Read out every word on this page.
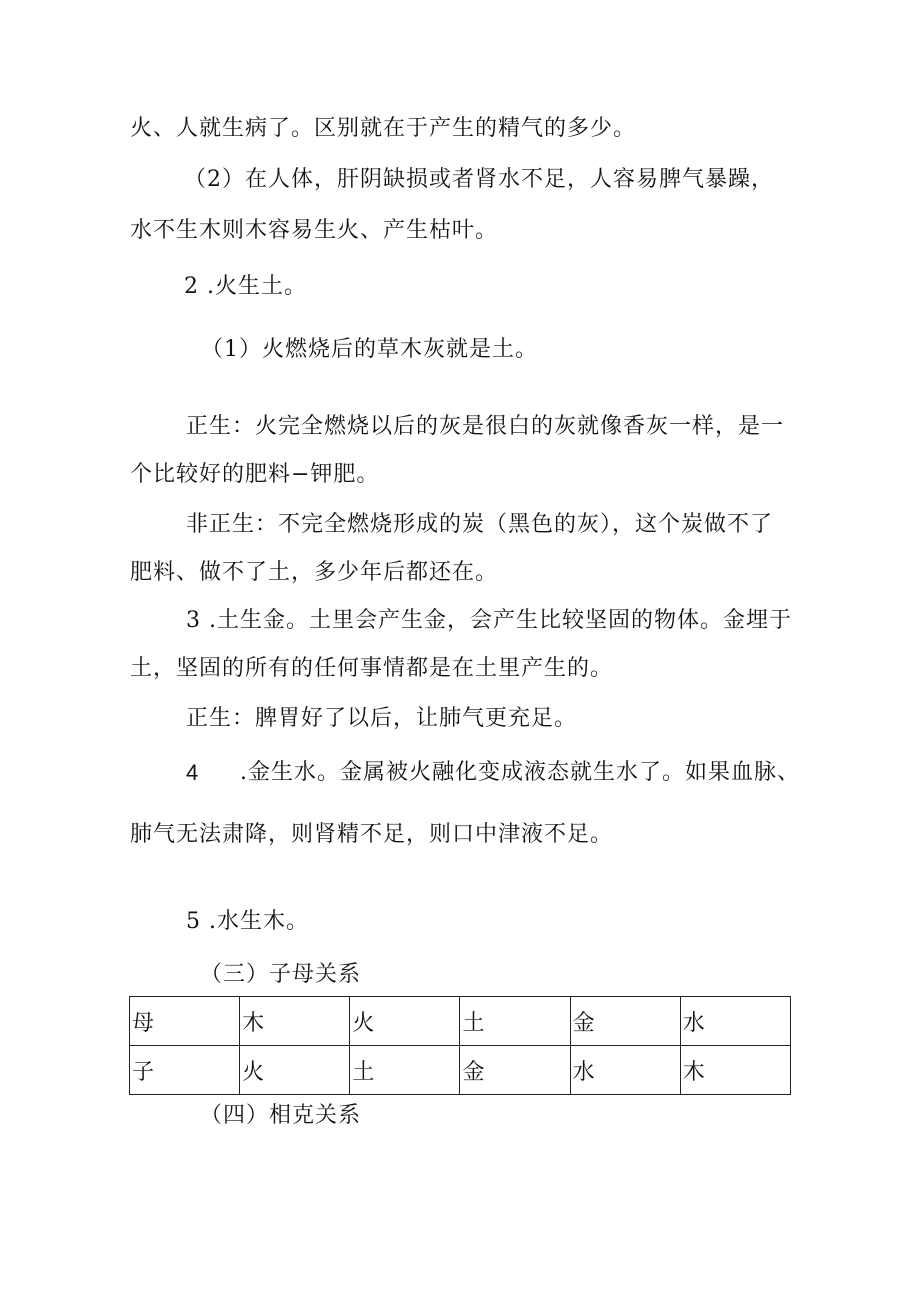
火、人就生病了。区别就在于产生的精气的多少。
（2）在人体，肝阴缺损或者肾水不足，人容易脾气暴躁，
水不生木则木容易生火、产生枯叶。
2 .火生土。
（1）火燃烧后的草木灰就是土。
正生：火完全燃烧以后的灰是很白的灰就像香灰一样，是一
个比较好的肥料−钾肥。
非正生：不完全燃烧形成的炭（黑色的灰），这个炭做不了
肥料、做不了土，多少年后都还在。
3 .土生金。土里会产生金，会产生比较坚固的物体。金埋于
土，坚固的所有的任何事情都是在土里产生的。
正生：脾胃好了以后，让肺气更充足。
4 .金生水。金属被火融化变成液态就生水了。如果血脉、
肺气无法肃降，则肾精不足，则口中津液不足。
5 .水生木。
（三）子母关系
母	木	火	土	金	水
子	火	土	金	水	木
（四）相克关系
